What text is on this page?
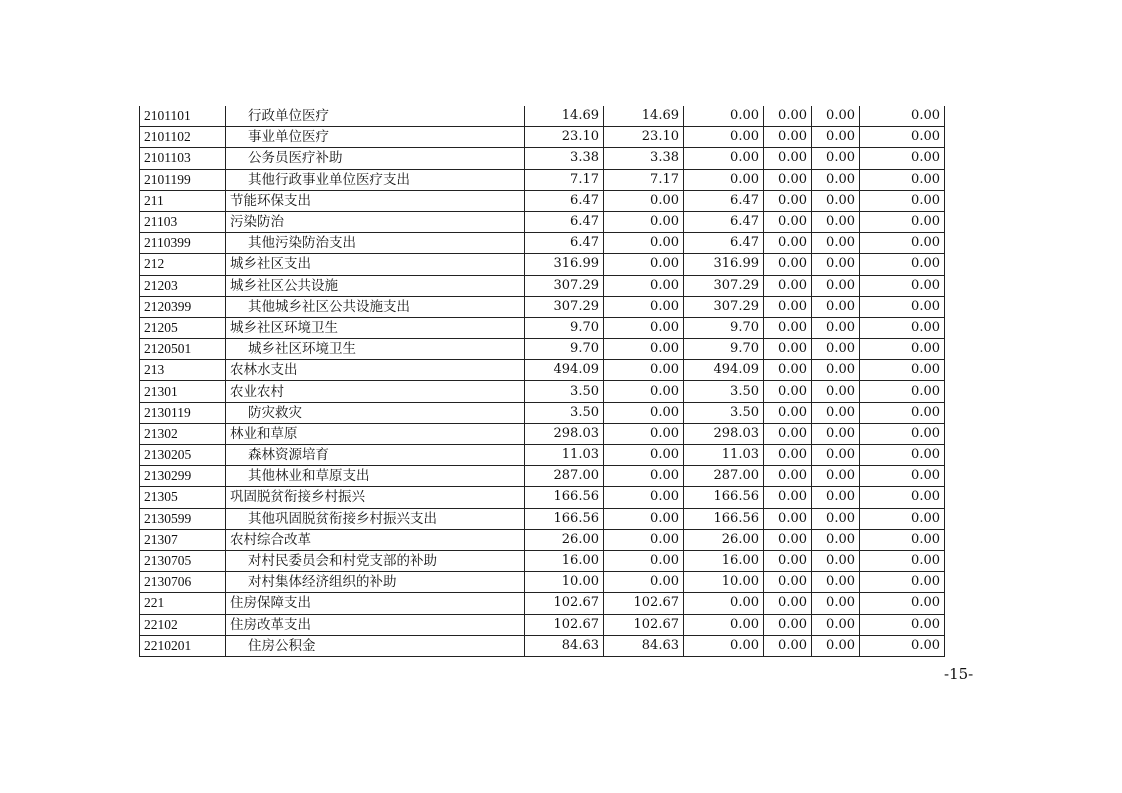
2101101	行政单位医疗	14.69	14.69	0.00	0.00	0.00	0.00
2101102	事业单位医疗	23.10	23.10	0.00	0.00	0.00	0.00
2101103	公务员医疗补助	3.38	3.38	0.00	0.00	0.00	0.00
2101199	其他行政事业单位医疗支出	7.17	7.17	0.00	0.00	0.00	0.00
211	节能环保支出	6.47	0.00	6.47	0.00	0.00	0.00
21103	污染防治	6.47	0.00	6.47	0.00	0.00	0.00
2110399	其他污染防治支出	6.47	0.00	6.47	0.00	0.00	0.00
212	城乡社区支出	316.99	0.00	316.99	0.00	0.00	0.00
21203	城乡社区公共设施	307.29	0.00	307.29	0.00	0.00	0.00
2120399	其他城乡社区公共设施支出	307.29	0.00	307.29	0.00	0.00	0.00
21205	城乡社区环境卫生	9.70	0.00	9.70	0.00	0.00	0.00
2120501	城乡社区环境卫生	9.70	0.00	9.70	0.00	0.00	0.00
213	农林水支出	494.09	0.00	494.09	0.00	0.00	0.00
21301	农业农村	3.50	0.00	3.50	0.00	0.00	0.00
2130119	防灾救灾	3.50	0.00	3.50	0.00	0.00	0.00
21302	林业和草原	298.03	0.00	298.03	0.00	0.00	0.00
2130205	森林资源培育	11.03	0.00	11.03	0.00	0.00	0.00
2130299	其他林业和草原支出	287.00	0.00	287.00	0.00	0.00	0.00
21305	巩固脱贫衔接乡村振兴	166.56	0.00	166.56	0.00	0.00	0.00
2130599	其他巩固脱贫衔接乡村振兴支出	166.56	0.00	166.56	0.00	0.00	0.00
21307	农村综合改革	26.00	0.00	26.00	0.00	0.00	0.00
2130705	对村民委员会和村党支部的补助	16.00	0.00	16.00	0.00	0.00	0.00
2130706	对村集体经济组织的补助	10.00	0.00	10.00	0.00	0.00	0.00
221	住房保障支出	102.67	102.67	0.00	0.00	0.00	0.00
22102	住房改革支出	102.67	102.67	0.00	0.00	0.00	0.00
2210201	住房公积金	84.63	84.63	0.00	0.00	0.00	0.00
-15-
